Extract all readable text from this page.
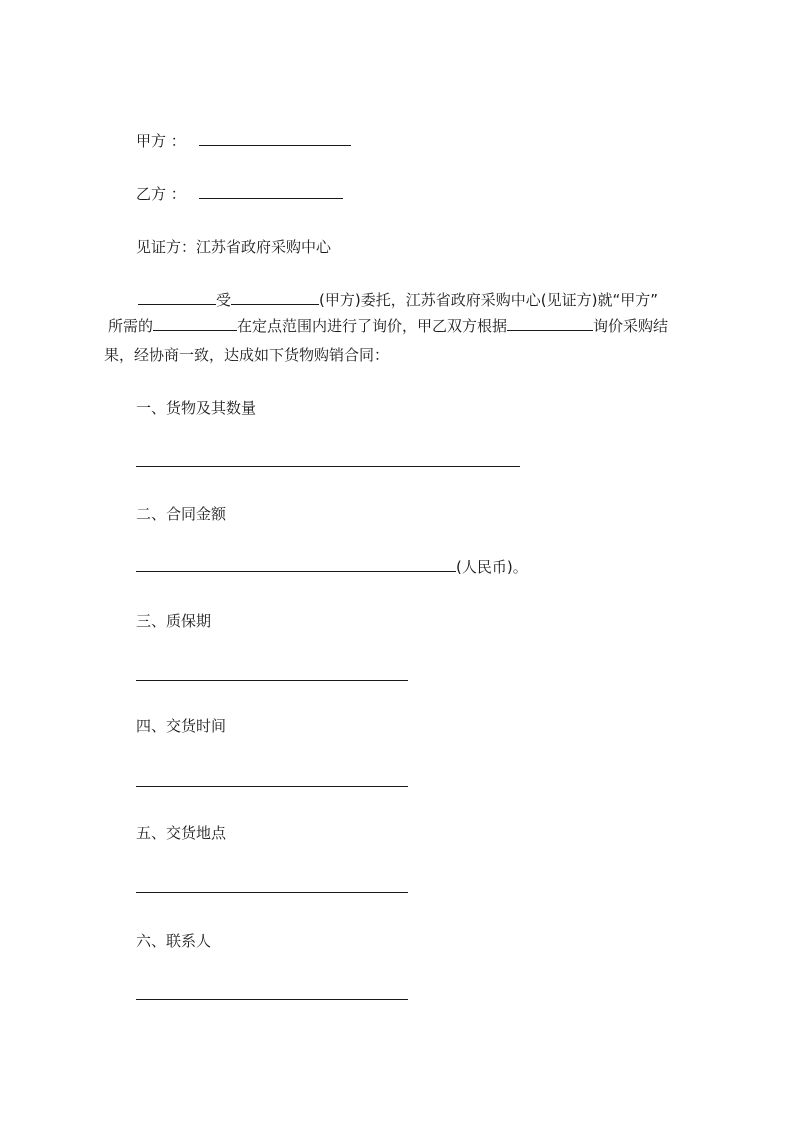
甲方 ：
乙方 ：
见证方：江苏省政府采购中心
受	(甲方)委托，江苏省政府采购中心(见证方)就“甲方”
所需的	在定点范围内进行了询价，甲乙双方根据	询价采购结
果，经协商一致，达成如下货物购销合同：
一、货物及其数量
二、合同金额
(人民币)。
三、质保期
四、交货时间
五、交货地点
六、联系人
